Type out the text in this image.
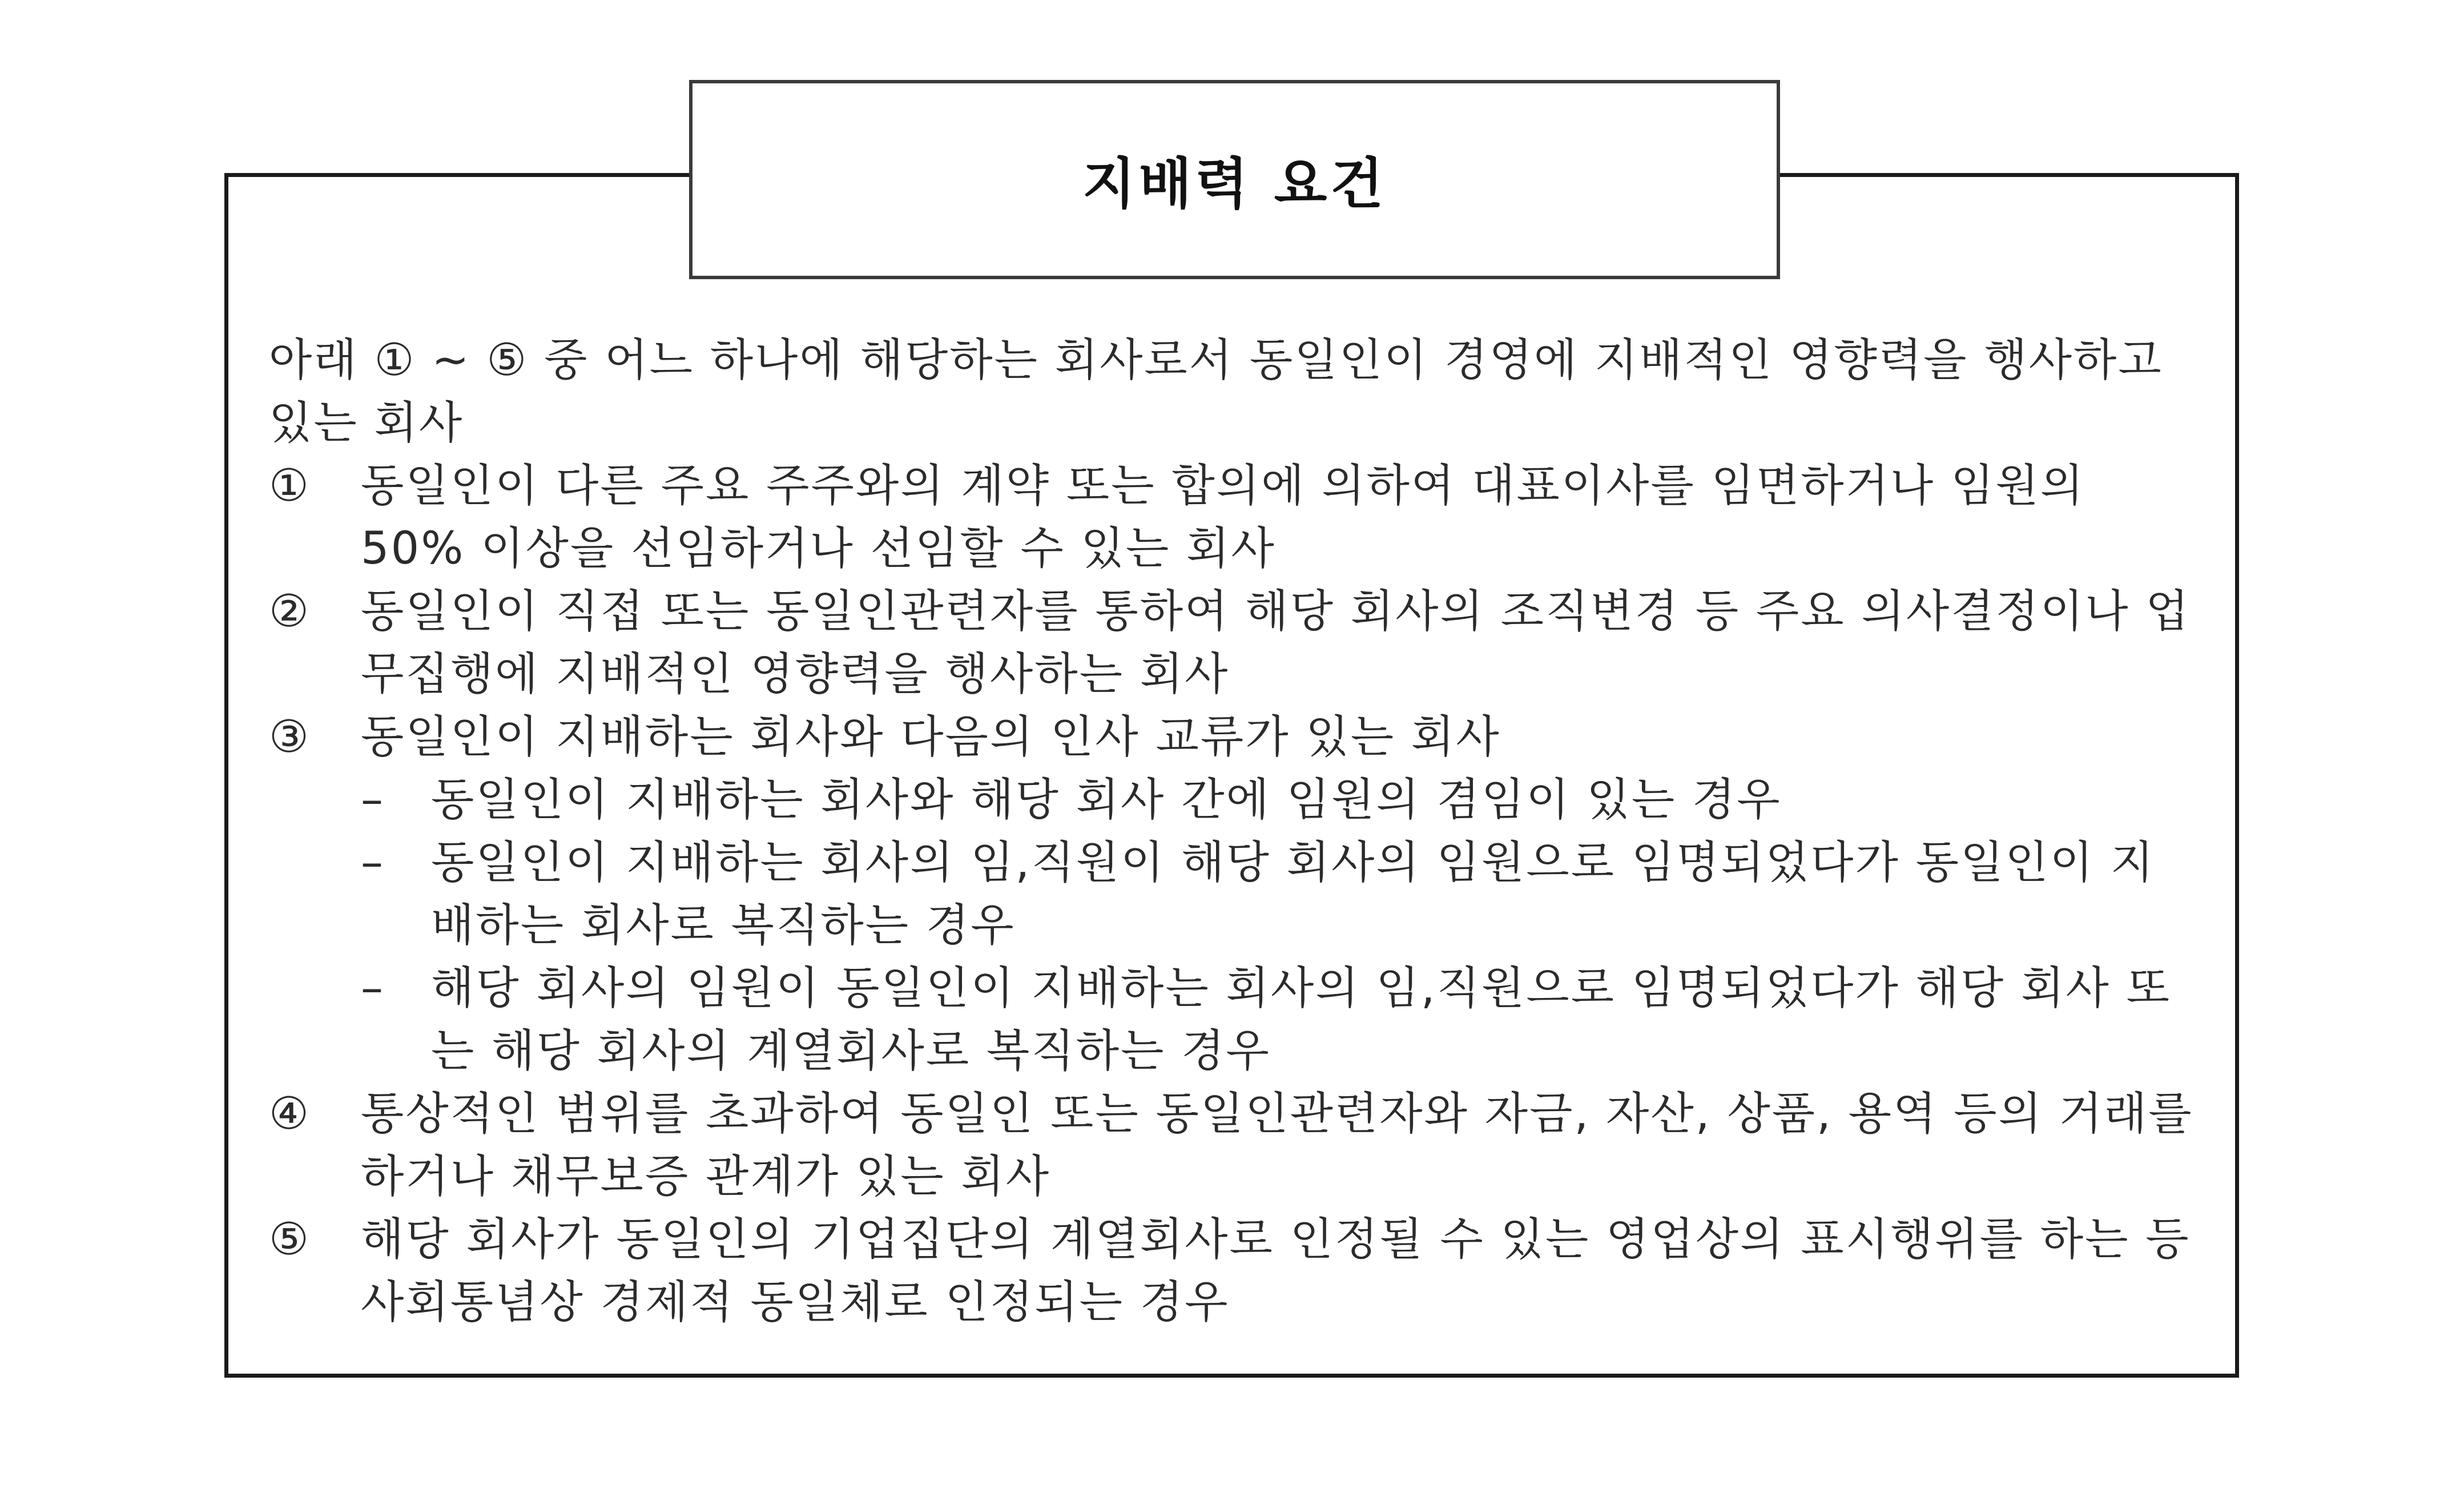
지배력 요건
아래 ① ~ ⑤ 중 어느 하나에 해당하는 회사로서 동일인이 경영에 지배적인 영향력을 행사하고 있는 회사
① 동일인이 다른 주요 주주와의 계약 또는 합의에 의하여 대표이사를 임면하거나 임원의 50% 이상을 선임하거나 선임할 수 있는 회사
② 동일인이 직접 또는 동일인관련자를 통하여 해당 회사의 조직변경 등 주요 의사결정이나 업무집행에 지배적인 영향력을 행사하는 회사
③ 동일인이 지배하는 회사와 다음의 인사 교류가 있는 회사
– 동일인이 지배하는 회사와 해당 회사 간에 임원의 겸임이 있는 경우
– 동일인이 지배하는 회사의 임,직원이 해당 회사의 임원으로 임명되었다가 동일인이 지배하는 회사로 복직하는 경우
– 해당 회사의 임원이 동일인이 지배하는 회사의 임,직원으로 임명되었다가 해당 회사 또는 해당 회사의 계열회사로 복직하는 경우
④ 통상적인 범위를 초과하여 동일인 또는 동일인관련자와 자금, 자산, 상품, 용역 등의 거래를 하거나 채무보증 관계가 있는 회사
⑤ 해당 회사가 동일인의 기업집단의 계열회사로 인정될 수 있는 영업상의 표시행위를 하는 등 사회통념상 경제적 동일체로 인정되는 경우
